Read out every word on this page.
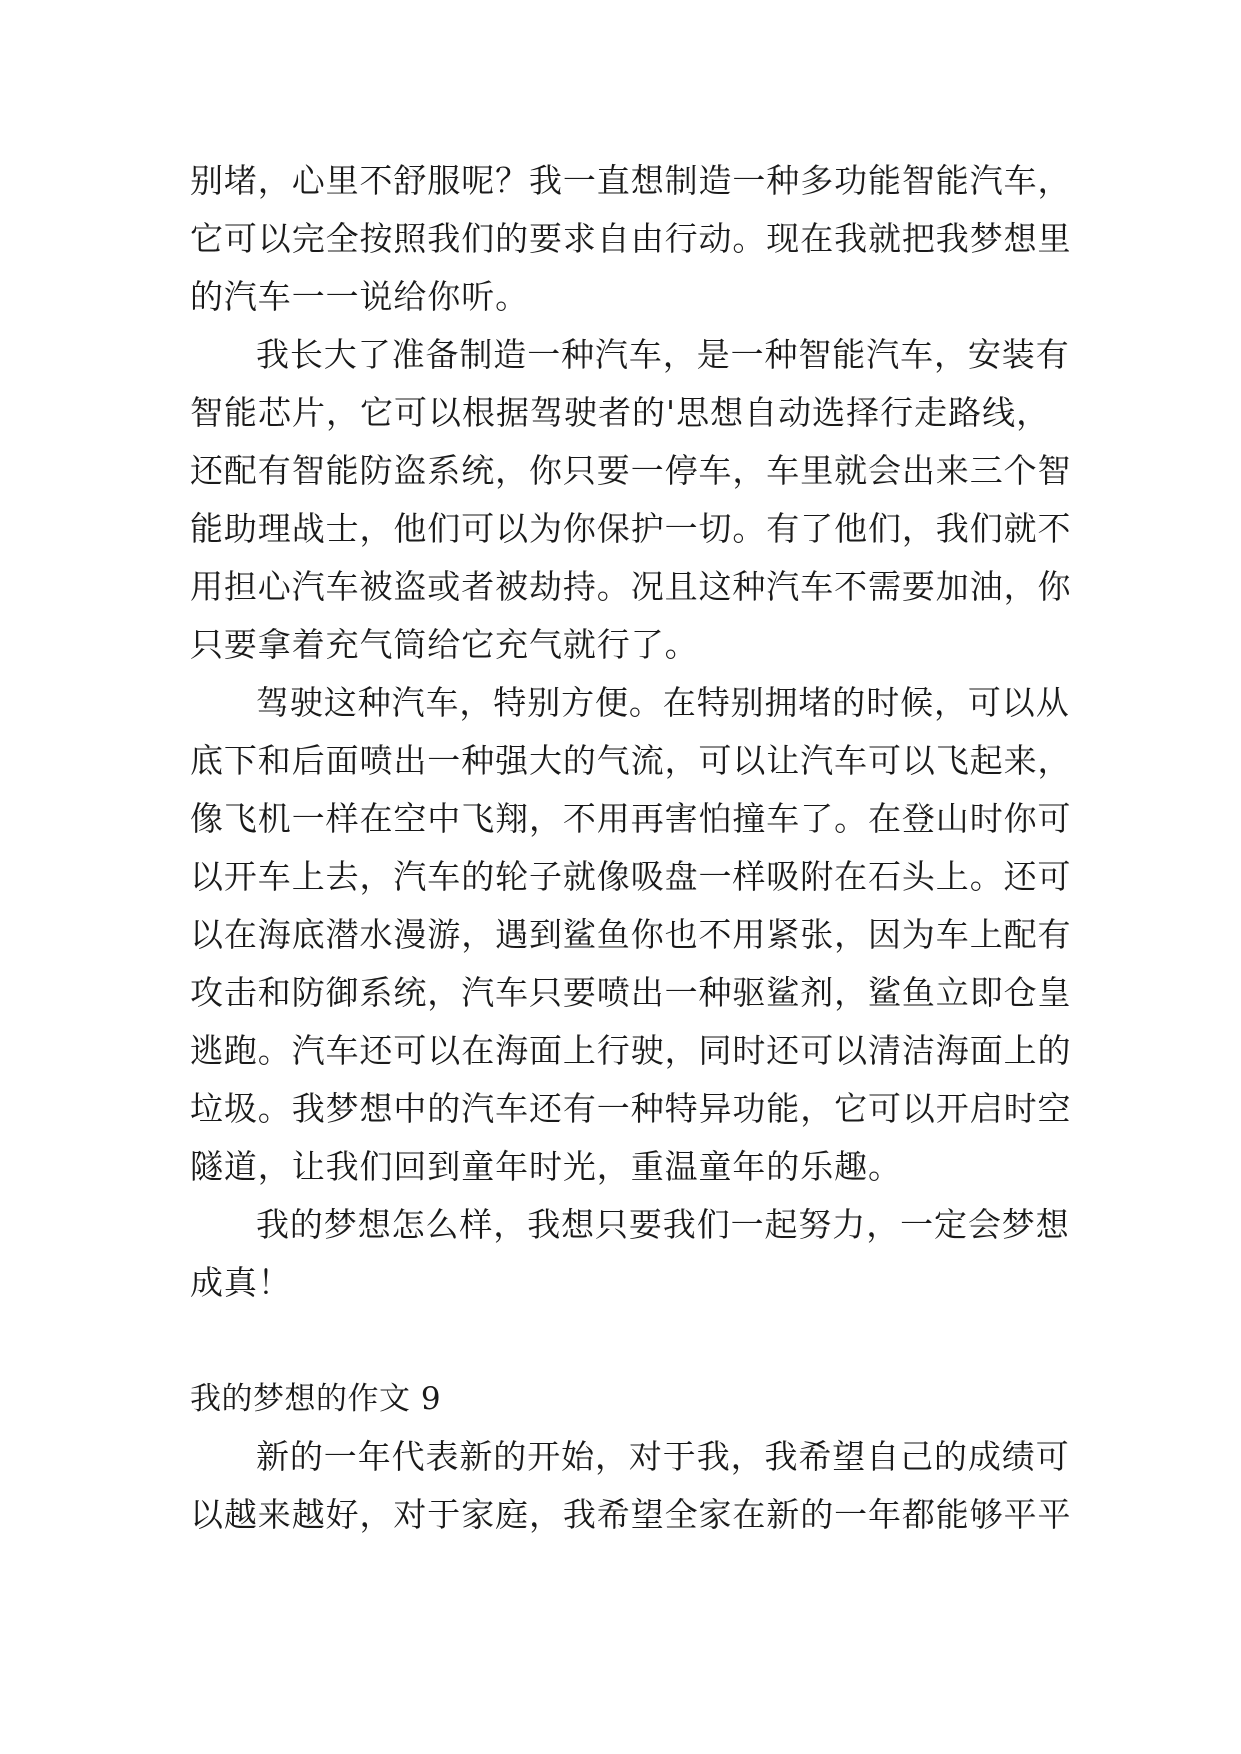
别堵，心里不舒服呢？我一直想制造一种多功能智能汽车，
它可以完全按照我们的要求自由行动。现在我就把我梦想里
的汽车一一说给你听。
我长大了准备制造一种汽车，是一种智能汽车，安装有
智能芯片，它可以根据驾驶者的'思想自动选择行走路线，
还配有智能防盗系统，你只要一停车，车里就会出来三个智
能助理战士，他们可以为你保护一切。有了他们，我们就不
用担心汽车被盗或者被劫持。况且这种汽车不需要加油，你
只要拿着充气筒给它充气就行了。
驾驶这种汽车，特别方便。在特别拥堵的时候，可以从
底下和后面喷出一种强大的气流，可以让汽车可以飞起来，
像飞机一样在空中飞翔，不用再害怕撞车了。在登山时你可
以开车上去，汽车的轮子就像吸盘一样吸附在石头上。还可
以在海底潜水漫游，遇到鲨鱼你也不用紧张，因为车上配有
攻击和防御系统，汽车只要喷出一种驱鲨剂，鲨鱼立即仓皇
逃跑。汽车还可以在海面上行驶，同时还可以清洁海面上的
垃圾。我梦想中的汽车还有一种特异功能，它可以开启时空
隧道，让我们回到童年时光，重温童年的乐趣。
我的梦想怎么样，我想只要我们一起努力，一定会梦想
成真！
我的梦想的作文 9
新的一年代表新的开始，对于我，我希望自己的成绩可
以越来越好，对于家庭，我希望全家在新的一年都能够平平
